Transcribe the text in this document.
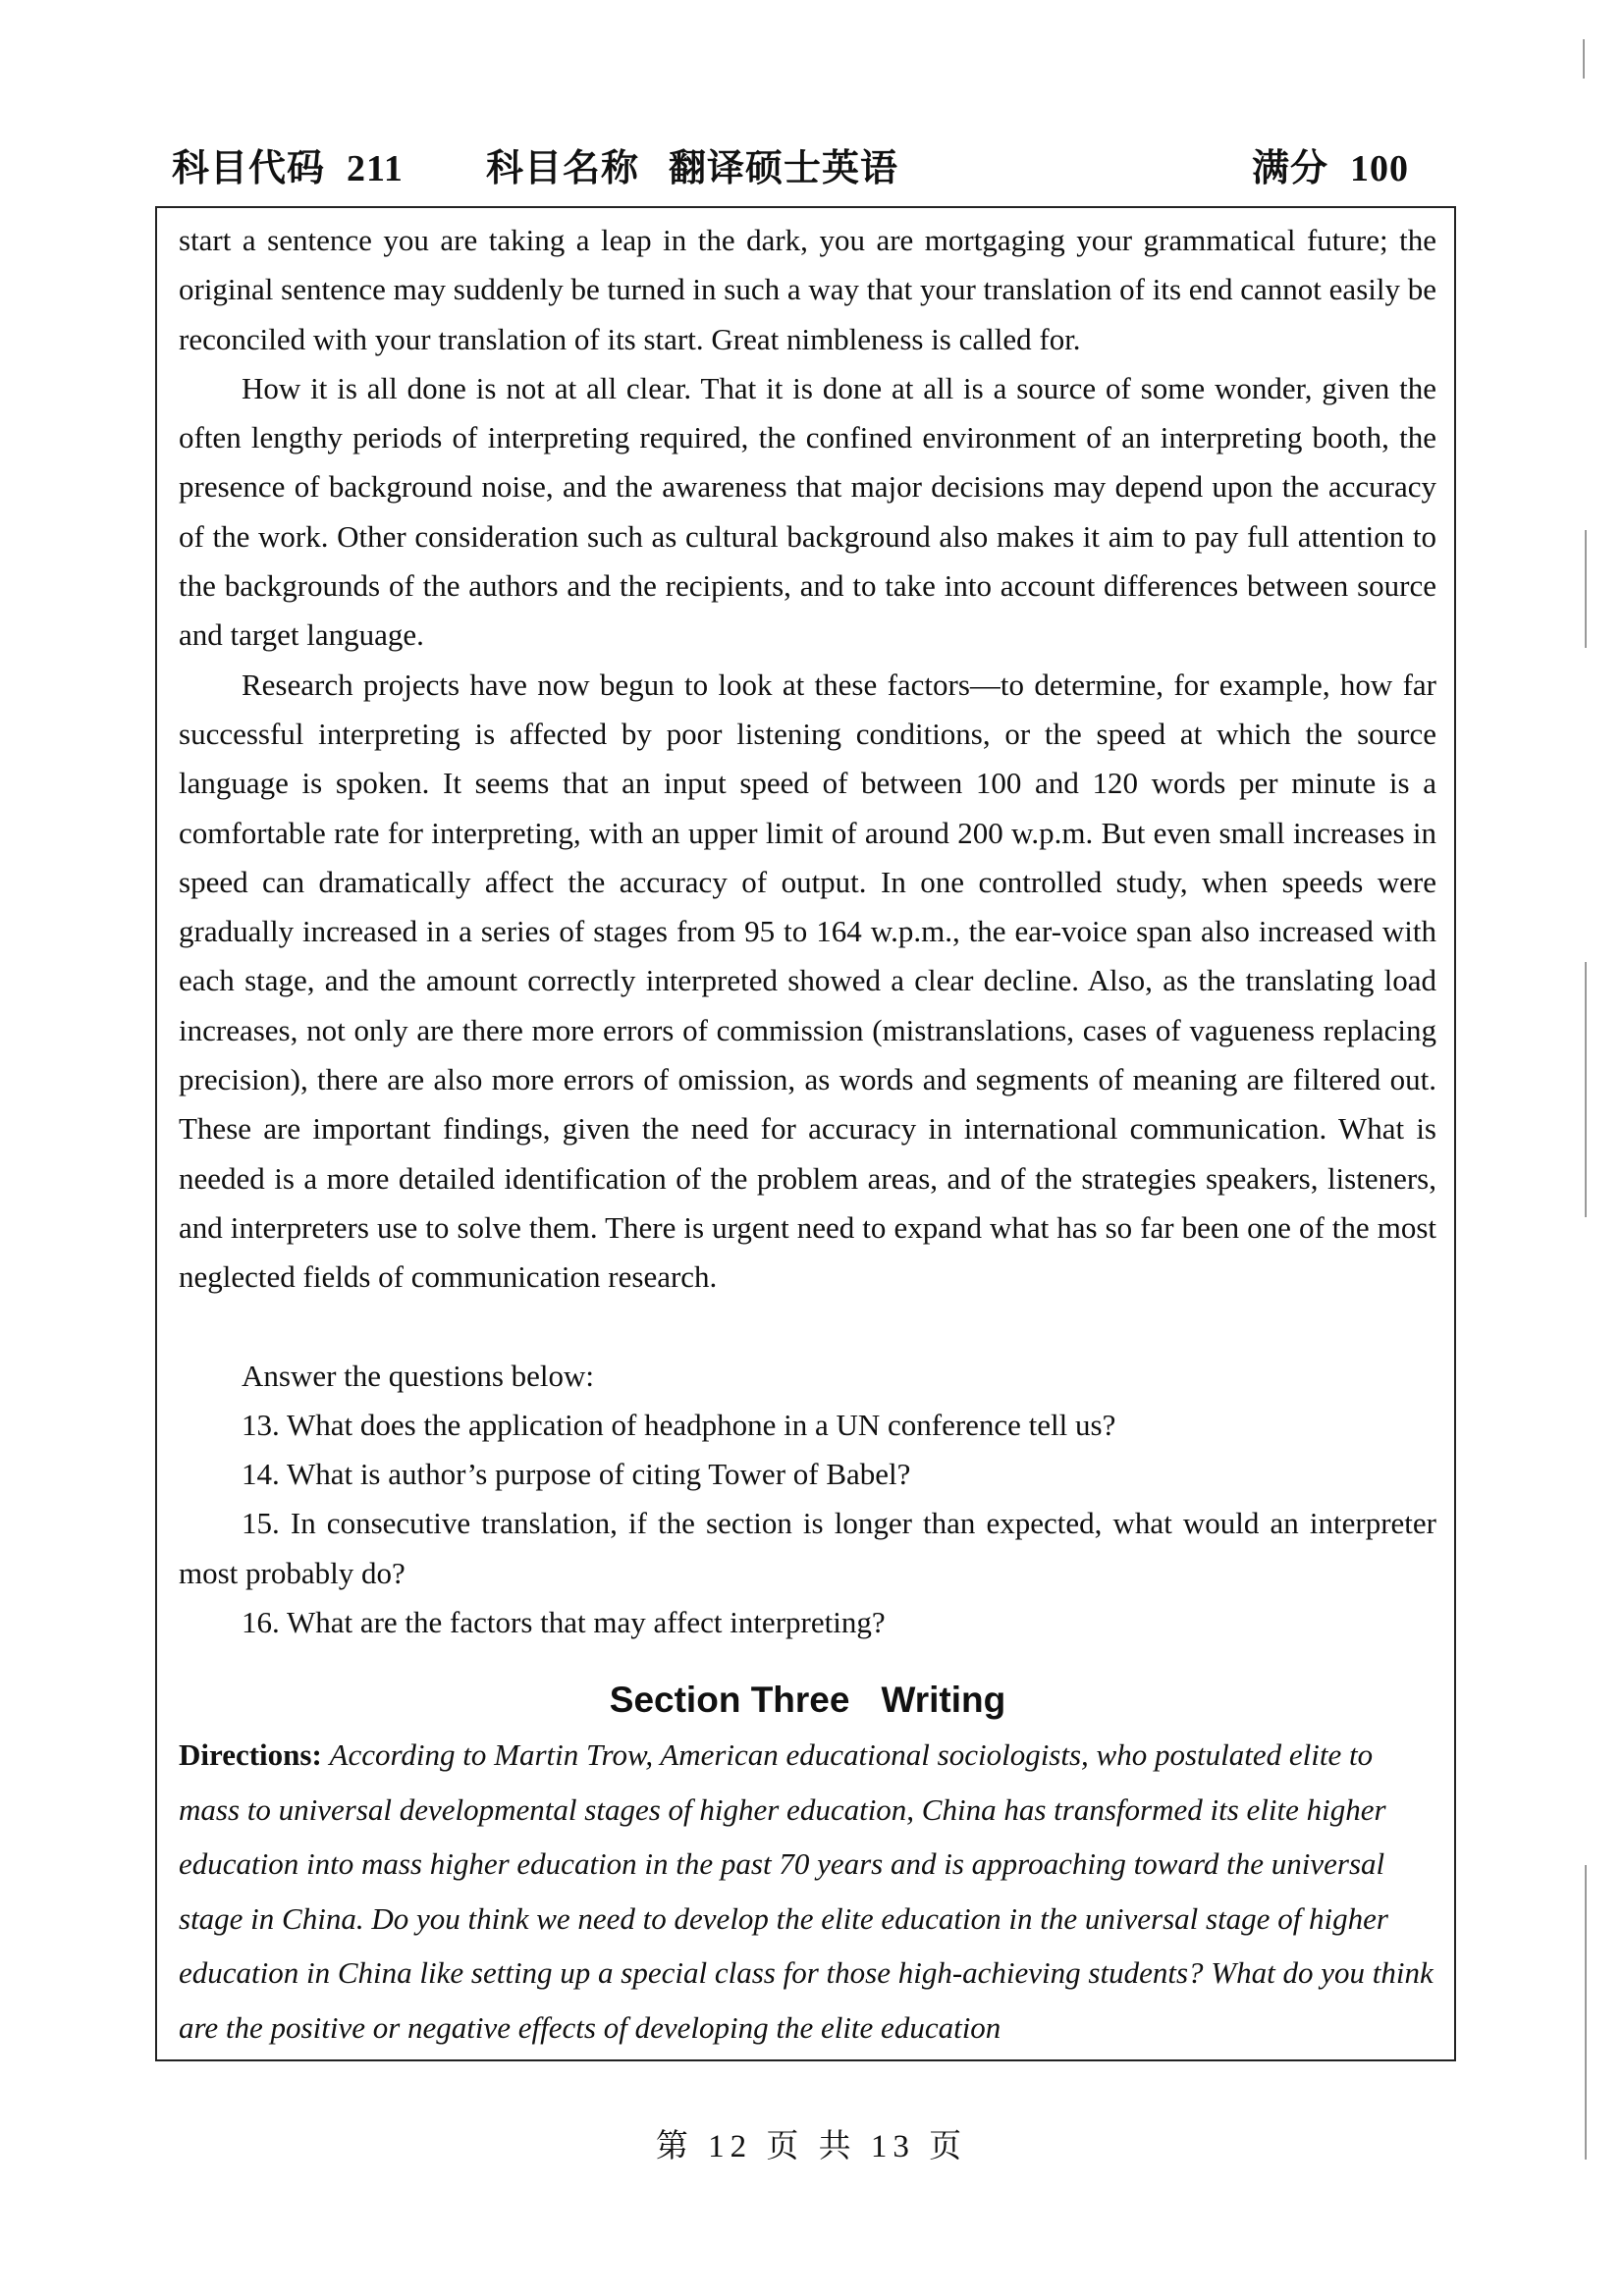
科目代码 211 科目名称 翻译硕士英语	满分 100

start a sentence you are taking a leap in the dark, you are mortgaging your grammatical future; the original sentence may suddenly be turned in such a way that your translation of its end cannot easily be reconciled with your translation of its start. Great nimbleness is called for.

How it is all done is not at all clear. That it is done at all is a source of some wonder, given the often lengthy periods of interpreting required, the confined environment of an interpreting booth, the presence of background noise, and the awareness that major decisions may depend upon the accuracy of the work. Other consideration such as cultural background also makes it aim to pay full attention to the backgrounds of the authors and the recipients, and to take into account differences between source and target language.

Research projects have now begun to look at these factors—to determine, for example, how far successful interpreting is affected by poor listening conditions, or the speed at which the source language is spoken. It seems that an input speed of between 100 and 120 words per minute is a comfortable rate for interpreting, with an upper limit of around 200 w.p.m. But even small increases in speed can dramatically affect the accuracy of output. In one controlled study, when speeds were gradually increased in a series of stages from 95 to 164 w.p.m., the ear-voice span also increased with each stage, and the amount correctly interpreted showed a clear decline. Also, as the translating load increases, not only are there more errors of commission (mistranslations, cases of vagueness replacing precision), there are also more errors of omission, as words and segments of meaning are filtered out. These are important findings, given the need for accuracy in international communication. What is needed is a more detailed identification of the problem areas, and of the strategies speakers, listeners, and interpreters use to solve them. There is urgent need to expand what has so far been one of the most neglected fields of communication research.

Answer the questions below:

13. What does the application of headphone in a UN conference tell us?

14. What is author’s purpose of citing Tower of Babel?

15. In consecutive translation, if the section is longer than expected, what would an interpreter most probably do?

16. What are the factors that may affect interpreting?

Section Three Writing

Directions: According to Martin Trow, American educational sociologists, who postulated elite to mass to universal developmental stages of higher education, China has transformed its elite higher education into mass higher education in the past 70 years and is approaching toward the universal stage in China. Do you think we need to develop the elite education in the universal stage of higher education in China like setting up a special class for those high-achieving students? What do you think are the positive or negative effects of developing the elite education

第 12 页 共 13 页
